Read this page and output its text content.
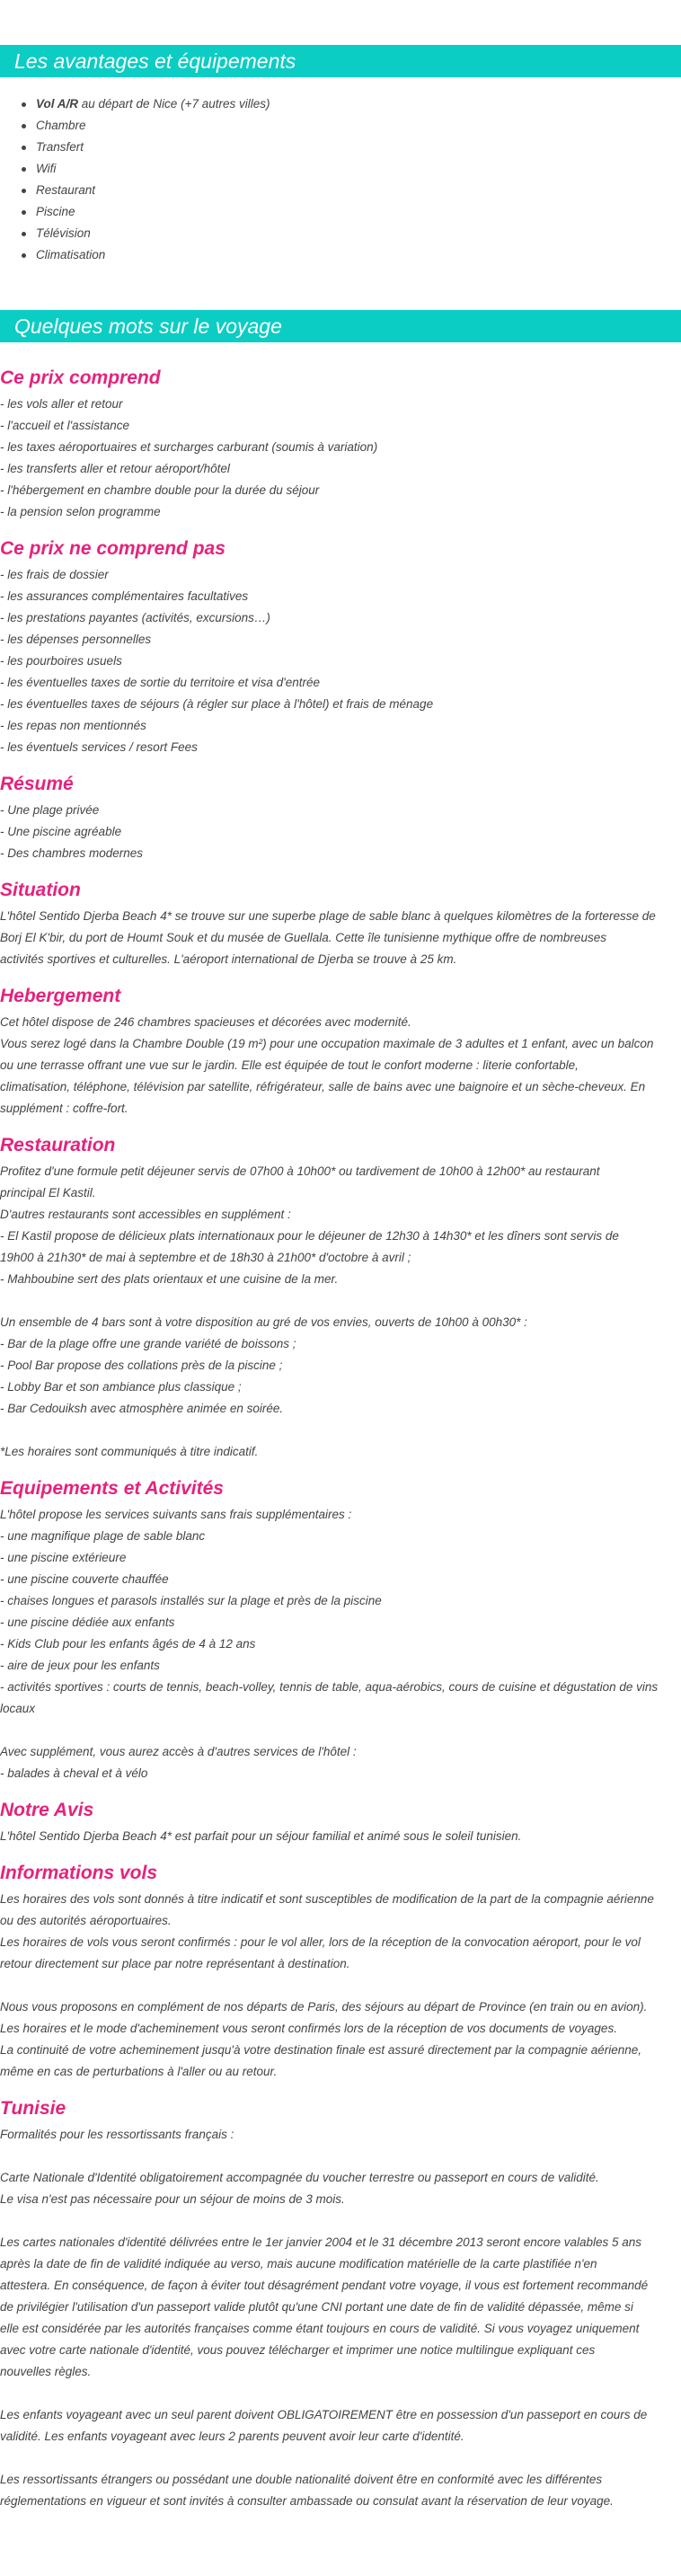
Les avantages et équipements
Vol A/R au départ de Nice (+7 autres villes)
Chambre
Transfert
Wifi
Restaurant
Piscine
Télévision
Climatisation
Quelques mots sur le voyage
Ce prix comprend
- les vols aller et retour
- l'accueil et l'assistance
- les taxes aéroportuaires et surcharges carburant (soumis à variation)
- les transferts aller et retour aéroport/hôtel
- l'hébergement en chambre double pour la durée du séjour
- la pension selon programme
Ce prix ne comprend pas
- les frais de dossier
- les assurances complémentaires facultatives
- les prestations payantes (activités, excursions…)
- les dépenses personnelles
- les pourboires usuels
- les éventuelles taxes de sortie du territoire et visa d'entrée
- les éventuelles taxes de séjours (à régler sur place à l'hôtel) et frais de ménage
- les repas non mentionnés
- les éventuels services / resort Fees
Résumé
- Une plage privée
- Une piscine agréable
- Des chambres modernes
Situation
L'hôtel Sentido Djerba Beach 4* se trouve sur une superbe plage de sable blanc à quelques kilomètres de la forteresse de
Borj El K'bir, du port de Houmt Souk et du musée de Guellala. Cette île tunisienne mythique offre de nombreuses
activités sportives et culturelles. L'aéroport international de Djerba se trouve à 25 km.
Hebergement
Cet hôtel dispose de 246 chambres spacieuses et décorées avec modernité.
Vous serez logé dans la Chambre Double (19 m²) pour une occupation maximale de 3 adultes et 1 enfant, avec un balcon
ou une terrasse offrant une vue sur le jardin. Elle est équipée de tout le confort moderne : literie confortable,
climatisation, téléphone, télévision par satellite, réfrigérateur, salle de bains avec une baignoire et un sèche-cheveux. En
supplément : coffre-fort.
Restauration
Profitez d'une formule petit déjeuner servis de 07h00 à 10h00* ou tardivement de 10h00 à 12h00* au restaurant
principal El Kastil.
D'autres restaurants sont accessibles en supplément :
- El Kastil propose de délicieux plats internationaux pour le déjeuner de 12h30 à 14h30* et les dîners sont servis de
19h00 à 21h30* de mai à septembre et de 18h30 à 21h00* d'octobre à avril ;
- Mahboubine sert des plats orientaux et une cuisine de la mer.
Un ensemble de 4 bars sont à votre disposition au gré de vos envies, ouverts de 10h00 à 00h30* :
- Bar de la plage offre une grande variété de boissons ;
- Pool Bar propose des collations près de la piscine ;
- Lobby Bar et son ambiance plus classique ;
- Bar Cedouiksh avec atmosphère animée en soirée.
*Les horaires sont communiqués à titre indicatif.
Equipements et Activités
L'hôtel propose les services suivants sans frais supplémentaires :
- une magnifique plage de sable blanc
- une piscine extérieure
- une piscine couverte chauffée
- chaises longues et parasols installés sur la plage et près de la piscine
- une piscine dédiée aux enfants
- Kids Club pour les enfants âgés de 4 à 12 ans
- aire de jeux pour les enfants
- activités sportives : courts de tennis, beach-volley, tennis de table, aqua-aérobics, cours de cuisine et dégustation de vins
locaux
Avec supplément, vous aurez accès à d'autres services de l'hôtel :
- balades à cheval et à vélo
Notre Avis
L'hôtel Sentido Djerba Beach 4* est parfait pour un séjour familial et animé sous le soleil tunisien.
Informations vols
Les horaires des vols sont donnés à titre indicatif et sont susceptibles de modification de la part de la compagnie aérienne
ou des autorités aéroportuaires.
Les horaires de vols vous seront confirmés : pour le vol aller, lors de la réception de la convocation aéroport, pour le vol
retour directement sur place par notre représentant à destination.
Nous vous proposons en complément de nos départs de Paris, des séjours au départ de Province (en train ou en avion).
Les horaires et le mode d'acheminement vous seront confirmés lors de la réception de vos documents de voyages.
La continuité de votre acheminement jusqu'à votre destination finale est assuré directement par la compagnie aérienne,
même en cas de perturbations à l'aller ou au retour.
Tunisie
Formalités pour les ressortissants français :
Carte Nationale d'Identité obligatoirement accompagnée du voucher terrestre ou passeport en cours de validité.
Le visa n'est pas nécessaire pour un séjour de moins de 3 mois.
Les cartes nationales d'identité délivrées entre le 1er janvier 2004 et le 31 décembre 2013 seront encore valables 5 ans
après la date de fin de validité indiquée au verso, mais aucune modification matérielle de la carte plastifiée n'en
attestera. En conséquence, de façon à éviter tout désagrément pendant votre voyage, il vous est fortement recommandé
de privilégier l'utilisation d'un passeport valide plutôt qu'une CNI portant une date de fin de validité dépassée, même si
elle est considérée par les autorités françaises comme étant toujours en cours de validité. Si vous voyagez uniquement
avec votre carte nationale d'identité, vous pouvez télécharger et imprimer une notice multilingue expliquant ces
nouvelles règles.
Les enfants voyageant avec un seul parent doivent OBLIGATOIREMENT être en possession d'un passeport en cours de
validité. Les enfants voyageant avec leurs 2 parents peuvent avoir leur carte d'identité.
Les ressortissants étrangers ou possédant une double nationalité doivent être en conformité avec les différentes
réglementations en vigueur et sont invités à consulter ambassade ou consulat avant la réservation de leur voyage.
